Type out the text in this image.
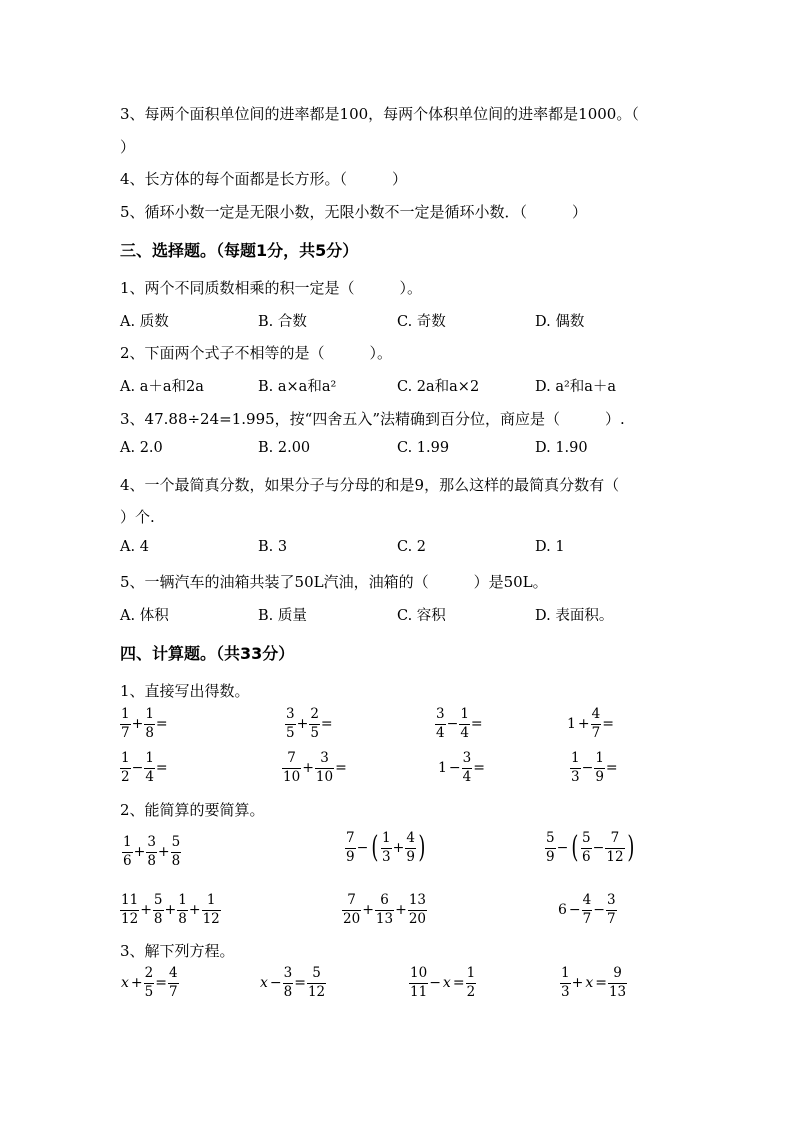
3、每两个面积单位间的进率都是100，每两个体积单位间的进率都是1000。（
）
4、长方体的每个面都是长方形。（　　　）
5、循环小数一定是无限小数，无限小数不一定是循环小数．（　　　）
三、选择题。（每题1分，共5分）
1、两个不同质数相乘的积一定是（　　　）。
A. 质数	B. 合数	C. 奇数	D. 偶数
2、下面两个式子不相等的是（　　　）。
A. a＋a和2a	B. a×a和a²	C. 2a和a×2	D. a²和a＋a
3、47.88÷24=1.995，按“四舍五入”法精确到百分位，商应是（　　　）.
A. 2.0	B. 2.00	C. 1.99	D. 1.90
4、一个最简真分数，如果分子与分母的和是9，那么这样的最简真分数有（
）个.
A. 4	B. 3	C. 2	D. 1
5、一辆汽车的油箱共装了50L汽油，油箱的（　　　）是50L。
A. 体积	B. 质量	C. 容积	D. 表面积。
四、计算题。（共33分）
1、直接写出得数。
$\frac{1}{7} + \frac{1}{8}$ =	$\frac{3}{5} + \frac{2}{5}$ =	$\frac{3}{4} - \frac{1}{4}$ =	$1 + \frac{4}{7}$ =
$\frac{1}{2} - \frac{1}{4}$ =	$\frac{7}{10} + \frac{3}{10}$ =	$1 - \frac{3}{4}$ =	$\frac{1}{3} - \frac{1}{9}$ =
2、能简算的要简算。
$\frac{1}{6} + \frac{3}{8} + \frac{5}{8}$	$\frac{7}{9}$ − ( $\frac{1}{3} + \frac{4}{9}$ )	$\frac{5}{9}$ − ( $\frac{5}{6} - \frac{7}{12}$ )
$\frac{11}{12} + \frac{5}{8} + \frac{1}{8} + \frac{1}{12}$	$\frac{7}{20} + \frac{6}{13} + \frac{13}{20}$	$6 - \frac{4}{7} - \frac{3}{7}$
3、解下列方程。
$x + \frac{2}{5} = \frac{4}{7}$	$x - \frac{3}{8} = \frac{5}{12}$	$\frac{10}{11} - x = \frac{1}{2}$	$\frac{1}{3} + x = \frac{9}{13}$
